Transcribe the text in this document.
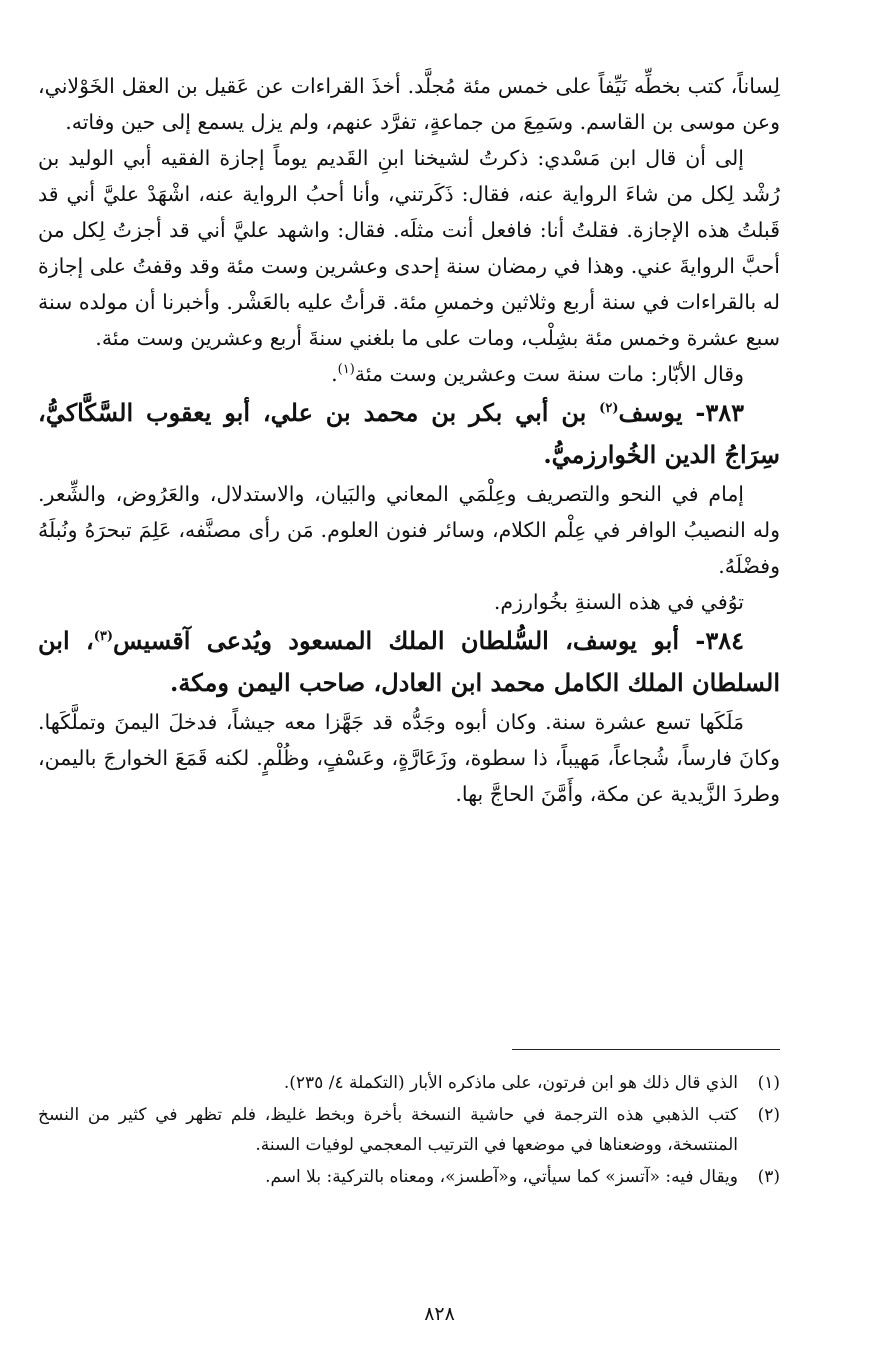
لِساناً، كتب بخطِّه نَيِّفاً على خمس مئة مُجلَّد. أخذَ القراءات عن عَقيل بن العقل الخَوْلاني، وعن موسى بن القاسم. وسَمِعَ من جماعةٍ، تفرَّد عنهم، ولم يزل يسمع إلى حين وفاته.

إلى أن قال ابن مَسْدي: ذكرتُ لشيخنا ابنِ القَديم يوماً إجازة الفقيه أبي الوليد بن رُشْد لِكل من شاءَ الرواية عنه، فقال: ذَكَرتني، وأنا أحبُ الرواية عنه، اشْهَدْ عليَّ أني قد قَبلتُ هذه الإجازة. فقلتُ أنا: فافعل أنت مثلَه. فقال: واشهد عليَّ أني قد أجزتُ لِكل من أحبَّ الروايةَ عني. وهذا في رمضان سنة إحدى وعشرين وست مئة وقد وقفتُ على إجازة له بالقراءات في سنة أربع وثلاثين وخمسِ مئة. قرأتُ عليه بالعَشْر. وأخبرنا أن مولده سنة سبع عشرة وخمس مئة بشِلْب، ومات على ما بلغني سنةَ أربع وعشرين وست مئة.

وقال الأبّار: مات سنة ست وعشرين وست مئة$^{(١)}$.

٣٨٣- يوسف$^{(٢)}$ بن أبي بكر بن محمد بن علي، أبو يعقوب السَّكَّاكيُّ، سِرَاجُ الدين الخُوارزميُّ.

إمام في النحو والتصريف وعِلْمَي المعاني والبَيان، والاستدلال، والعَرُوض، والشِّعر. وله النصيبُ الوافر في عِلْم الكلام، وسائر فنون العلوم. مَن رأى مصنَّفه، عَلِمَ تبحرَهُ ونُبلَهُ وفضْلَهُ.

توُفي في هذه السنةِ بخُوارزم.

٣٨٤- أبو يوسف، السُّلطان الملك المسعود ويُدعى آقسيس$^{(٣)}$، ابن السلطان الملك الكامل محمد ابن العادل، صاحب اليمن ومكة.

مَلَكَها تسع عشرة سنة. وكان أبوه وجَدُّه قد جَهَّزا معه جيشاً، فدخلَ اليمنَ وتملَّكَها. وكانَ فارساً، شُجاعاً، مَهيباً، ذا سطوة، وزَعَارَّةٍ، وعَسْفٍ، وظُلْمٍ. لكنه قَمَعَ الخوارجَ باليمن، وطردَ الزَّيدية عن مكة، وأَمَّنَ الحاجَّ بها.

(١)
الذي قال ذلك هو ابن فرتون، على ماذكره الأبار (التكملة ٤/ ٢٣٥).
(٢)
كتب الذهبي هذه الترجمة في حاشية النسخة بأخرة وبخط غليظ، فلم تظهر في كثير من النسخ المنتسخة، ووضعناها في موضعها في الترتيب المعجمي لوفيات السنة.
(٣)
ويقال فيه: «آتسز» كما سيأتي، و«آطسز»، ومعناه بالتركية: بلا اسم.
٨٢٨
